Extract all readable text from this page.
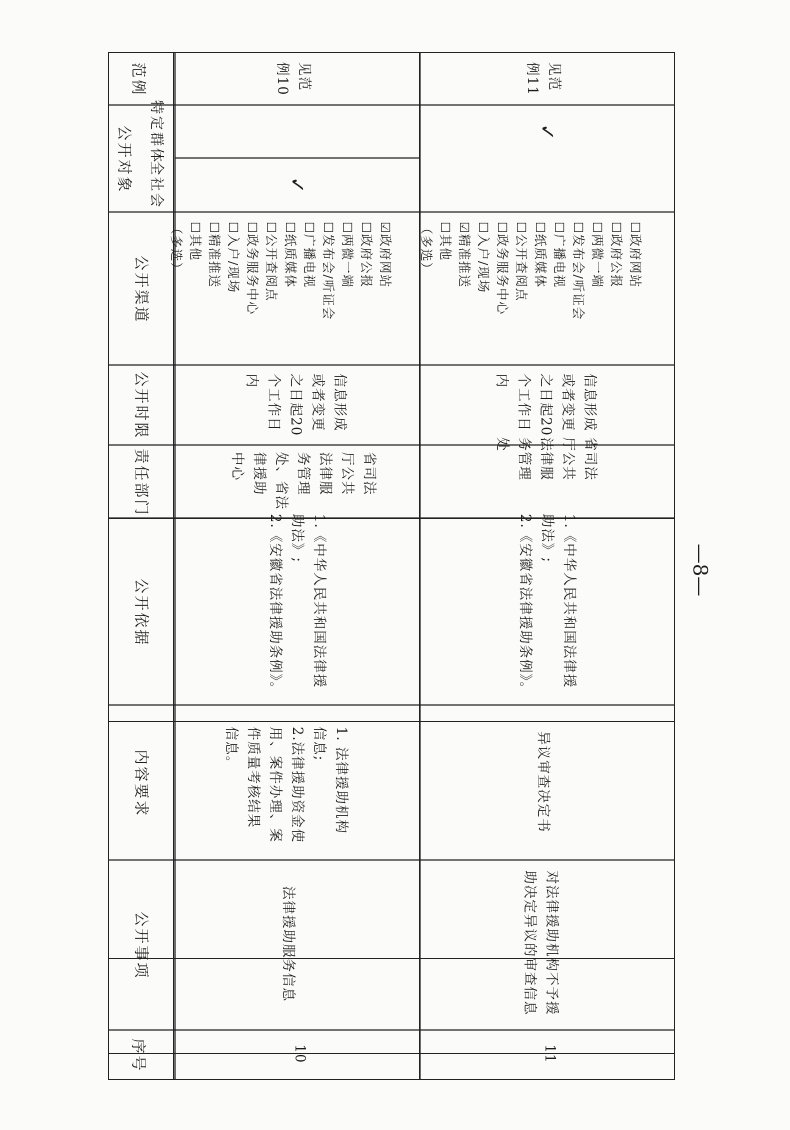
范例
公开对象 特定群体
全社会
公开渠道
公开时限
责任部门
公开依据
内容要求
公开事项
序号
见范
例10
✓
☑政府网站
☐政府公报
☐两微一端
☐发布会/听证会
☐广播电视
☐纸质媒体
☐公开查阅点
☐政务服务中心
☐入户/现场
☐精准推送
☐其他
（多选）
信息形成
或者变更
之日起20
个工作日
内
省司法
厅公共
法律服
务管理
处、省法
律援助
中心
1.《中华人民共和国法律援
助法》;
2.《安徽省法律援助条例》。
1. 法律援助机构
信息;
2.法律援助资金使
用、案件办理、案
件质量考核结果
信息。
法律援助服务信息
10
见范
例11
✓
☐政府网站
☐政府公报
☐两微一端
☐发布会/听证会
☐广播电视
☐纸质媒体
☐公开查阅点
☐政务服务中心
☐入户/现场
☑精准推送
☐其他
（多选）
信息形成
或者变更
之日起20
个工作日
内
省司法
厅公共
法律服
务管理
处
1.《中华人民共和国法律援
助法》;
2.《安徽省法律援助条例》。
异议审查决定书
对法律援助机构不予援
助决定异议的审查信息
11
—8—
